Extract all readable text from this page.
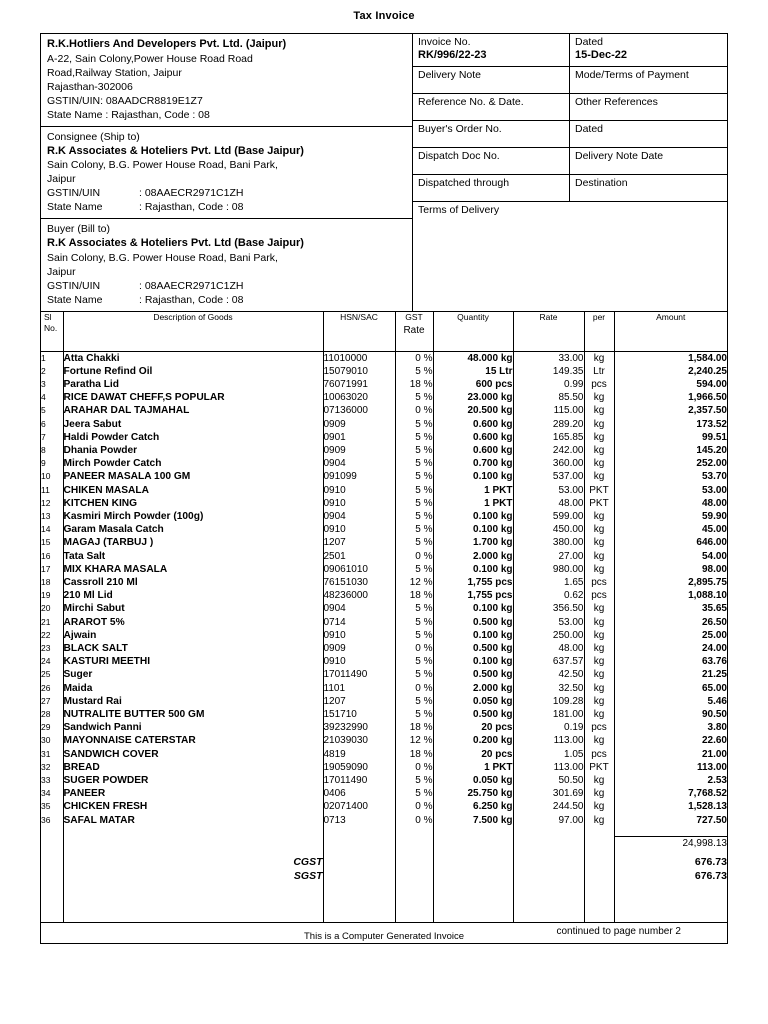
Tax Invoice
R.K.Hotliers And Developers Pvt. Ltd. (Jaipur)
A-22, Sain Colony,Power House Road Road
Road,Railway Station, Jaipur
Rajasthan-302006
GSTIN/UIN: 08AADCR8819E1Z7
State Name : Rajasthan, Code : 08
Consignee (Ship to)
R.K Associates & Hoteliers Pvt. Ltd (Base Jaipur)
Sain Colony, B.G. Power House Road, Bani Park,
Jaipur
GSTIN/UIN	: 08AAECR2971C1ZH
State Name	: Rajasthan, Code : 08
Buyer (Bill to)
R.K Associates & Hoteliers Pvt. Ltd (Base Jaipur)
Sain Colony, B.G. Power House Road, Bani Park,
Jaipur
GSTIN/UIN	: 08AAECR2971C1ZH
State Name	: Rajasthan, Code : 08
Invoice No.
RK/996/22-23
Dated
15-Dec-22
Delivery Note	Mode/Terms of Payment
Reference No. & Date.	Other References
Buyer's Order No.	Dated
Dispatch Doc No.	Delivery Note Date
Dispatched through	Destination
Terms of Delivery
Sl
No.	Description of Goods	HSN/SAC	GST
Rate	Quantity	Rate	per	Amount
1	Atta Chakki	11010000	0 %	48.000 kg	33.00	kg	1,584.00
2	Fortune Refind Oil	15079010	5 %	15 Ltr	149.35	Ltr	2,240.25
3	Paratha Lid	76071991	18 %	600 pcs	0.99	pcs	594.00
4	RICE DAWAT CHEFF,S POPULAR	10063020	5 %	23.000 kg	85.50	kg	1,966.50
5	ARAHAR DAL TAJMAHAL	07136000	0 %	20.500 kg	115.00	kg	2,357.50
6	Jeera Sabut	0909	5 %	0.600 kg	289.20	kg	173.52
7	Haldi Powder Catch	0901	5 %	0.600 kg	165.85	kg	99.51
8	Dhania Powder	0909	5 %	0.600 kg	242.00	kg	145.20
9	Mirch Powder Catch	0904	5 %	0.700 kg	360.00	kg	252.00
10	PANEER MASALA 100 GM	091099	5 %	0.100 kg	537.00	kg	53.70
11	CHIKEN MASALA	0910	5 %	1 PKT	53.00	PKT	53.00
12	KITCHEN KING	0910	5 %	1 PKT	48.00	PKT	48.00
13	Kasmiri Mirch Powder (100g)	0904	5 %	0.100 kg	599.00	kg	59.90
14	Garam Masala Catch	0910	5 %	0.100 kg	450.00	kg	45.00
15	MAGAJ (TARBUJ )	1207	5 %	1.700 kg	380.00	kg	646.00
16	Tata Salt	2501	0 %	2.000 kg	27.00	kg	54.00
17	MIX KHARA MASALA	09061010	5 %	0.100 kg	980.00	kg	98.00
18	Cassroll 210 Ml	76151030	12 %	1,755 pcs	1.65	pcs	2,895.75
19	210 Ml Lid	48236000	18 %	1,755 pcs	0.62	pcs	1,088.10
20	Mirchi Sabut	0904	5 %	0.100 kg	356.50	kg	35.65
21	ARAROT 5%	0714	5 %	0.500 kg	53.00	kg	26.50
22	Ajwain	0910	5 %	0.100 kg	250.00	kg	25.00
23	BLACK SALT	0909	0 %	0.500 kg	48.00	kg	24.00
24	KASTURI MEETHI	0910	5 %	0.100 kg	637.57	kg	63.76
25	Suger	17011490	5 %	0.500 kg	42.50	kg	21.25
26	Maida	1101	0 %	2.000 kg	32.50	kg	65.00
27	Mustard Rai	1207	5 %	0.050 kg	109.28	kg	5.46
28	NUTRALITE BUTTER 500 GM	151710	5 %	0.500 kg	181.00	kg	90.50
29	Sandwich Panni	39232990	18 %	20 pcs	0.19	pcs	3.80
30	MAYONNAISE CATERSTAR	21039030	12 %	0.200 kg	113.00	kg	22.60
31	SANDWICH COVER	4819	18 %	20 pcs	1.05	pcs	21.00
32	BREAD	19059090	0 %	1 PKT	113.00	PKT	113.00
33	SUGER POWDER	17011490	5 %	0.050 kg	50.50	kg	2.53
34	PANEER	0406	5 %	25.750 kg	301.69	kg	7,768.52
35	CHICKEN FRESH	02071400	0 %	6.250 kg	244.50	kg	1,528.13
36	SAFAL MATAR	0713	0 %	7.500 kg	97.00	kg	727.50

							24,998.13
	CGST						676.73
	SGST						676.73

continued to page number 2
This is a Computer Generated Invoice
